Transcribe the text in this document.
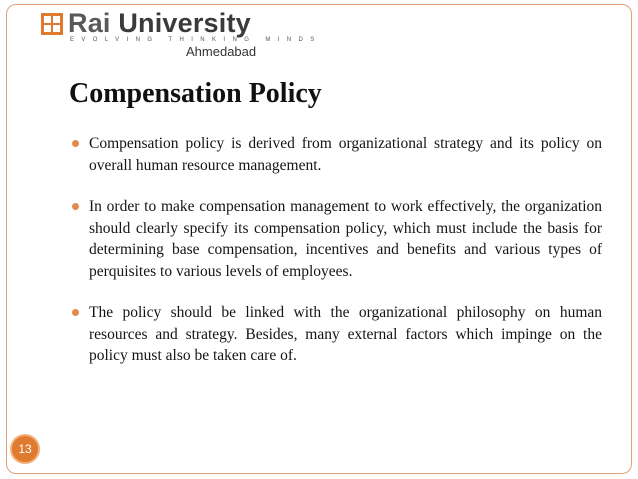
Rai University
EVOLVING THINKING MINDS
Ahmedabad
Compensation Policy
Compensation policy is derived from organizational strategy and its policy on overall human resource management.
In order to make compensation management to work effectively, the organization should clearly specify its compensation policy, which must include the basis for determining base compensation, incentives and benefits and various types of perquisites to various levels of employees.
The policy should be linked with the organizational philosophy on human resources and strategy. Besides, many external factors which impinge on the policy must also be taken care of.
13
